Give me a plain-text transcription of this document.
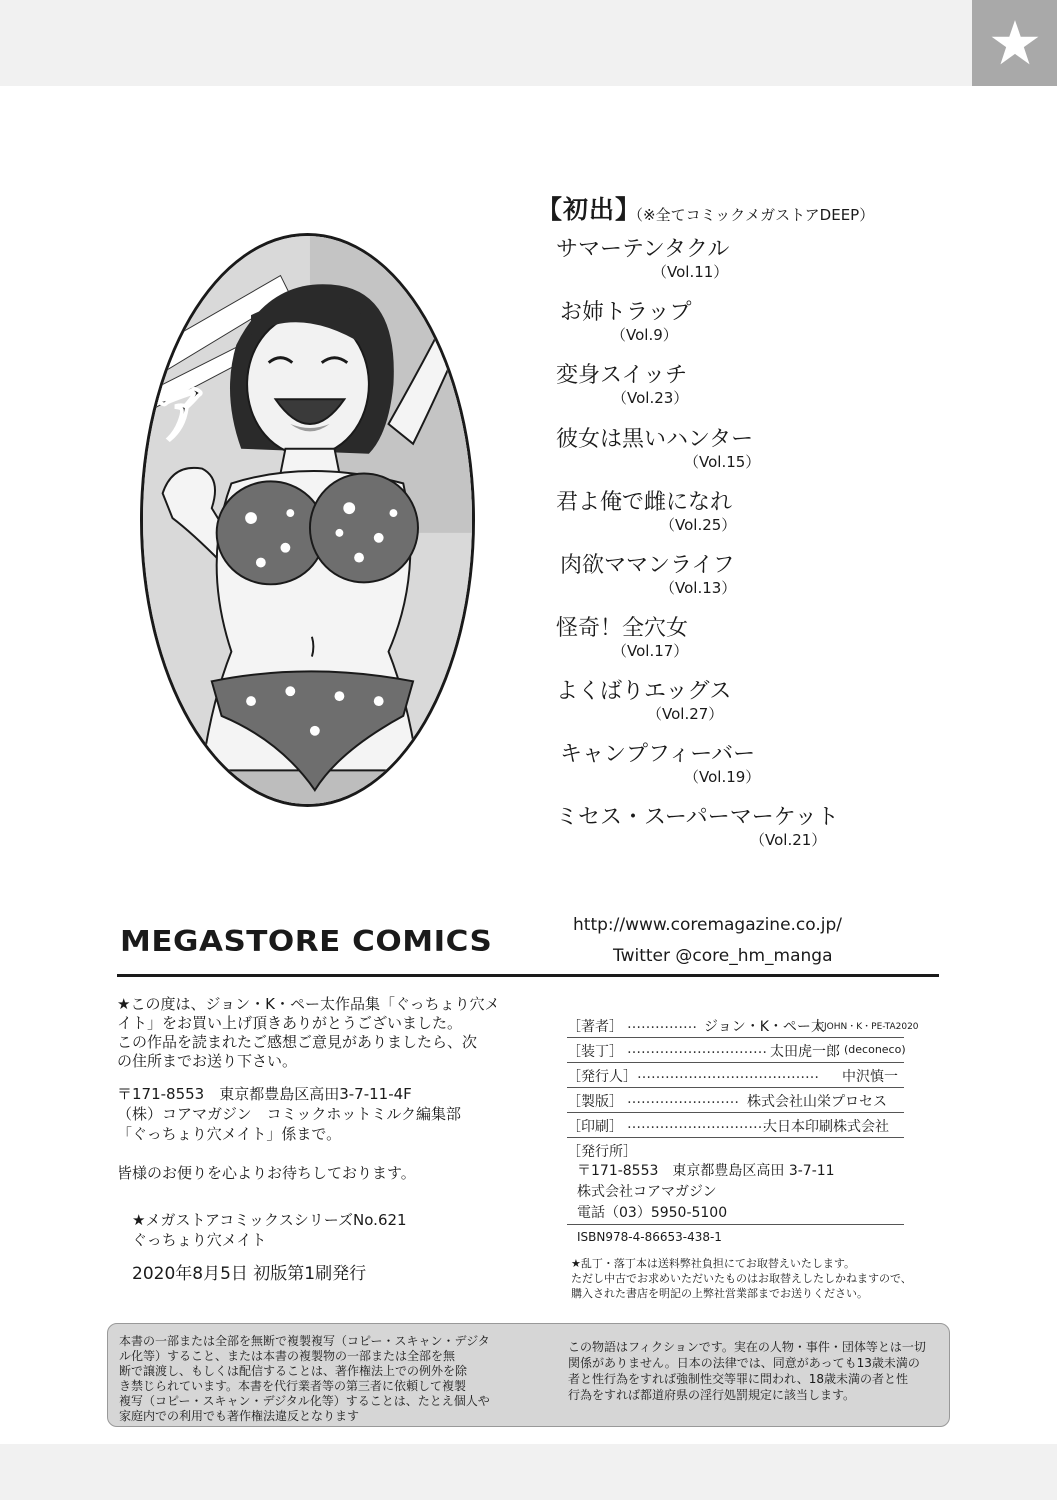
ア
【初出】
（※全てコミックメガストアDEEP）
サマーテンタクル
（Vol.11）
お姉トラップ
（Vol.9）
変身スイッチ
（Vol.23）
彼女は黒いハンター
（Vol.15）
君よ俺で雌になれ
（Vol.25）
肉欲ママンライフ
（Vol.13）
怪奇！全穴女
（Vol.17）
よくばりエッグス
（Vol.27）
キャンプフィーバー
（Vol.19）
ミセス・スーパーマーケット
（Vol.21）
MEGASTORE COMICS	http://www.coremagazine.co.jp/
Twitter @core_hm_manga
★この度は、ジョン・K・ペー太作品集「ぐっちょり穴メ
イト」をお買い上げ頂きありがとうございました。
この作品を読まれたご感想ご意見がありましたら、次
の住所までお送り下さい。
〒171-8553　東京都豊島区高田3-7-11-4F
（株）コアマガジン　コミックホットミルク編集部
「ぐっちょり穴メイト」係まで。
皆様のお便りを心よりお待ちしております。
★メガストアコミックスシリーズNo.621
ぐっちょり穴メイト
2020年8月5日 初版第1刷発行
［著者］ …………… ジョン・K・ペー太
©JOHN・K・PE-TA2020
［装丁］ ………………………… 太田虎一郎 (deconeco)
［発行人］ ………………………………… 中沢慎一
［製版］ …………………… 株式会社山栄プロセス
［印刷］ …………………………
大日本印刷株式会社
［発行所］
〒171-8553　東京都豊島区高田 3-7-11
株式会社コアマガジン
電話（03）5950-5100
ISBN978-4-86653-438-1
★乱丁・落丁本は送料弊社負担にてお取替えいたします。
ただし中古でお求めいただいたものはお取替えしたしかねますので、
購入された書店を明記の上弊社営業部までお送りください。
本書の一部または全部を無断で複製複写（コピー・スキャン・デジタ
ル化等）すること、または本書の複製物の一部または全部を無
断で譲渡し、もしくは配信することは、著作権法上での例外を除
き禁じられています。本書を代行業者等の第三者に依頼して複製
複写（コピー・スキャン・デジタル化等）することは、たとえ個人や
家庭内での利用でも著作権法違反となります
この物語はフィクションです。実在の人物・事件・団体等とは一切
関係がありません。日本の法律では、同意があっても13歳未満の
者と性行為をすれば強制性交等罪に問われ、18歳未満の者と性
行為をすれば都道府県の淫行処罰規定に該当します。
